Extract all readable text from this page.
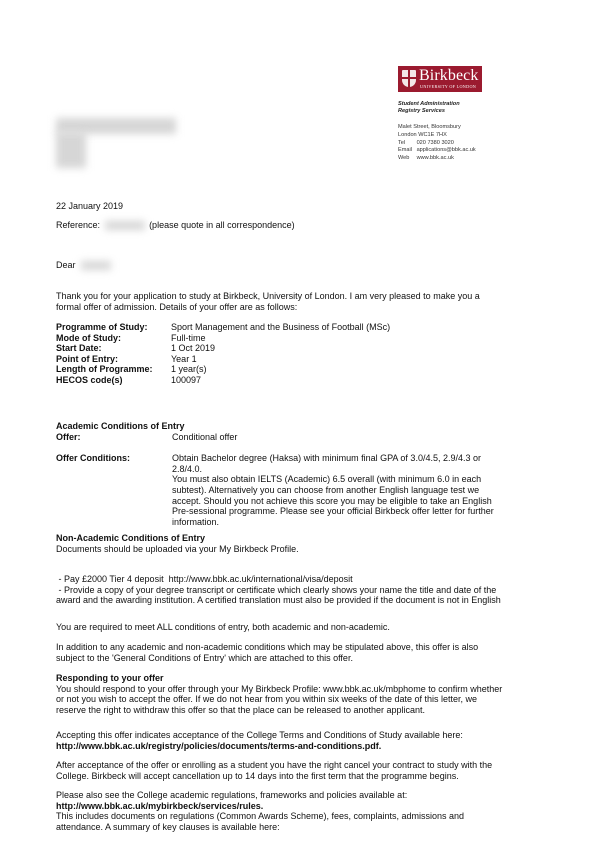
Birkbeck
UNIVERSITY OF LONDON
Student Administration
Registry Services
Malet Street, Bloomsbury
London WC1E 7HX
Tel 020 7380 3020
Email applications@bbk.ac.uk
Web www.bbk.ac.uk
22 January 2019
Reference:	(please quote in all correspondence)
Dear
Thank you for your application to study at Birkbeck, University of London. I am very pleased to make you a formal offer of admission. Details of your offer are as follows:
Programme of Study:	Sport Management and the Business of Football (MSc)
Mode of Study:	Full-time
Start Date:	1 Oct 2019
Point of Entry:	Year 1
Length of Programme:	1 year(s)
HECOS code(s)	100097
Academic Conditions of Entry
Offer:	Conditional offer
Offer Conditions:	Obtain Bachelor degree (Haksa) with minimum final GPA of 3.0/4.5, 2.9/4.3 or 2.8/4.0.
You must also obtain IELTS (Academic) 6.5 overall (with minimum 6.0 in each subtest). Alternatively you can choose from another English language test we accept. Should you not achieve this score you may be eligible to take an English Pre-sessional programme. Please see your official Birkbeck offer letter for further information.
Non-Academic Conditions of Entry
Documents should be uploaded via your My Birkbeck Profile.
- Pay £2000 Tier 4 deposit  http://www.bbk.ac.uk/international/visa/deposit
- Provide a copy of your degree transcript or certificate which clearly shows your name the title and date of the award and the awarding institution. A certified translation must also be provided if the document is not in English
You are required to meet ALL conditions of entry, both academic and non-academic.
In addition to any academic and non-academic conditions which may be stipulated above, this offer is also subject to the 'General Conditions of Entry' which are attached to this offer.
Responding to your offer
You should respond to your offer through your My Birkbeck Profile: www.bbk.ac.uk/mbphome to confirm whether or not you wish to accept the offer. If we do not hear from you within six weeks of the date of this letter, we reserve the right to withdraw this offer so that the place can be released to another applicant.
Accepting this offer indicates acceptance of the College Terms and Conditions of Study available here:
http://www.bbk.ac.uk/registry/policies/documents/terms-and-conditions.pdf.
After acceptance of the offer or enrolling as a student you have the right cancel your contract to study with the College. Birkbeck will accept cancellation up to 14 days into the first term that the programme begins.
Please also see the College academic regulations, frameworks and policies available at:
http://www.bbk.ac.uk/mybirkbeck/services/rules.
This includes documents on regulations (Common Awards Scheme), fees, complaints, admissions and attendance. A summary of key clauses is available here:
